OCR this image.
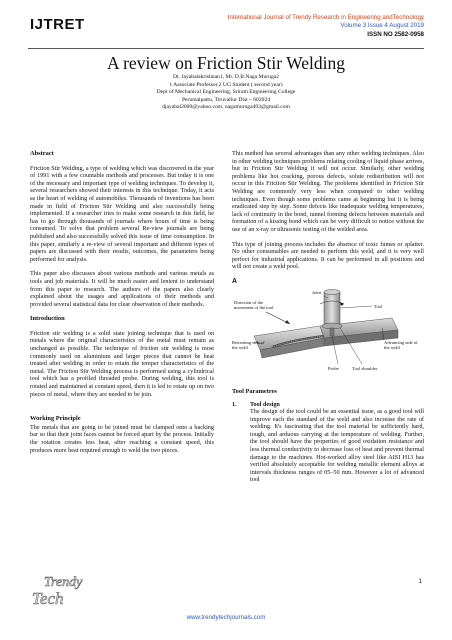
IJTRET	International Journal of Trendy Research in Engineering andTechnology
Volume 3 Issue 4 August 2019
ISSN NO 2582-0958
A review on Friction Stir Welding
Dr. Jayabalakrishnan1, Mr. D.B.Naga Muruga2
1 Associate Professor,2 UG Student ( second year)
Dept of Mechanical Engineering, Sriram Engineering College
Perumalpattu, Tiruvallur Dist – 602024
djayabal2000@yahoo.com, nagamuruga403@gmail.com
Abstract

Friction Stir Welding, a type of welding which was discovered in the year of 1991 with a few countable methods and processes. But today it is one of the necessary and important type of welding techniques. To develop it, several researchers showed their interests in this technique. Today, it acts as the heart of welding of automobiles. Thousands of inventions has been made in field of Friction Stir Welding and also successfully being implemented. If a researcher tries to make some research in this field, he has to go through thousands of journals where hours of time is being consumed. To solve that problem several Re-view journals are being published and also successfully solved this issue of time consumption. In this paper, similarly a re-view of several important and different types of papers are discussed with their results, outcomes, the parameters being performed for analysis.

This paper also discusses about various methods and various metals as tools and job materials. It will be much easier and lenient to understand from this paper to research. The authors of the papers also clearly explained about the usages and applications of their methods and provided several statistical data for clear observation of their methods.

Introduction

Friction stir welding is a solid state joining technique that is used on metals where the original characteristics of the metal must remain as unchanged as possible. The technique of friction stir welding is most commonly used on aluminium and larger pieces that cannot be heat treated after welding in order to retain the temper characteristics of the metal. The Friction Stir Welding process is performed using a cylindrical tool which has a profiled threaded probe. During welding, this tool is rotated and maintained at constant speed, then it is led to rotate up on two pieces of metal, where they are needed to be join.

Working Principle

The metals that are going to be joined must be clamped onto a backing bar so that their joint faces cannot be forced apart by the process. Initially the rotation creates less heat, after reaching a constant speed, this produces more heat required enough to weld the two pieces.

This method has several advantages than any other welding techniques. Also in other welding techniques problems relating cooling of liquid phase arrives, but in Friction Stir Welding it will not occur. Similarly, other welding problems like hot cracking, porous defects, solute redistribution will not occur in this Friction Stir Welding. The problems identified in Friction Stir Welding are commonly very less when compared to other welding techniques. Even though some problems came at beginning but it is being eradicated step by step. Some defects like inadequate welding temperatures, lack of continuity in the bond, tunnel forming defects between materials and formation of a kissing bond which can be very difficult to notice without the use of an x-ray or ultrasonic testing of the welded area.

This type of joining process includes the absence of toxic fumes or splatter. No other consumables are needed to perform this weld, and it is very well perfect for industrial applications. It can be performed in all positions and will not create a weld pool.

A
Direction of the movement of the tool
Joint
Tool
Retreating side of the weld
Advancing side of the weld
Probe	Tool shoulder
Tool Parametres
1.	Tool design

The design of the tool could be an essential issue, as a good tool will improve each the standard of the weld and also increase the rate of welding. It's fascinating that the tool material be sufficiently hard, tough, and arduous carrying at the temperature of welding. Further, the tool should have the properties of good oxidation resistance and less thermal conductivity to decrease loss of heat and prevent thermal damage to the machines. Hot-worked alloy steel like AISI H13 has verified absolutely acceptable for welding metallic element alloys at intervals thickness ranges of 05–50 mm. However a lot of advanced tool

1
Trendy
Tech
www.trendytechjournals.com
